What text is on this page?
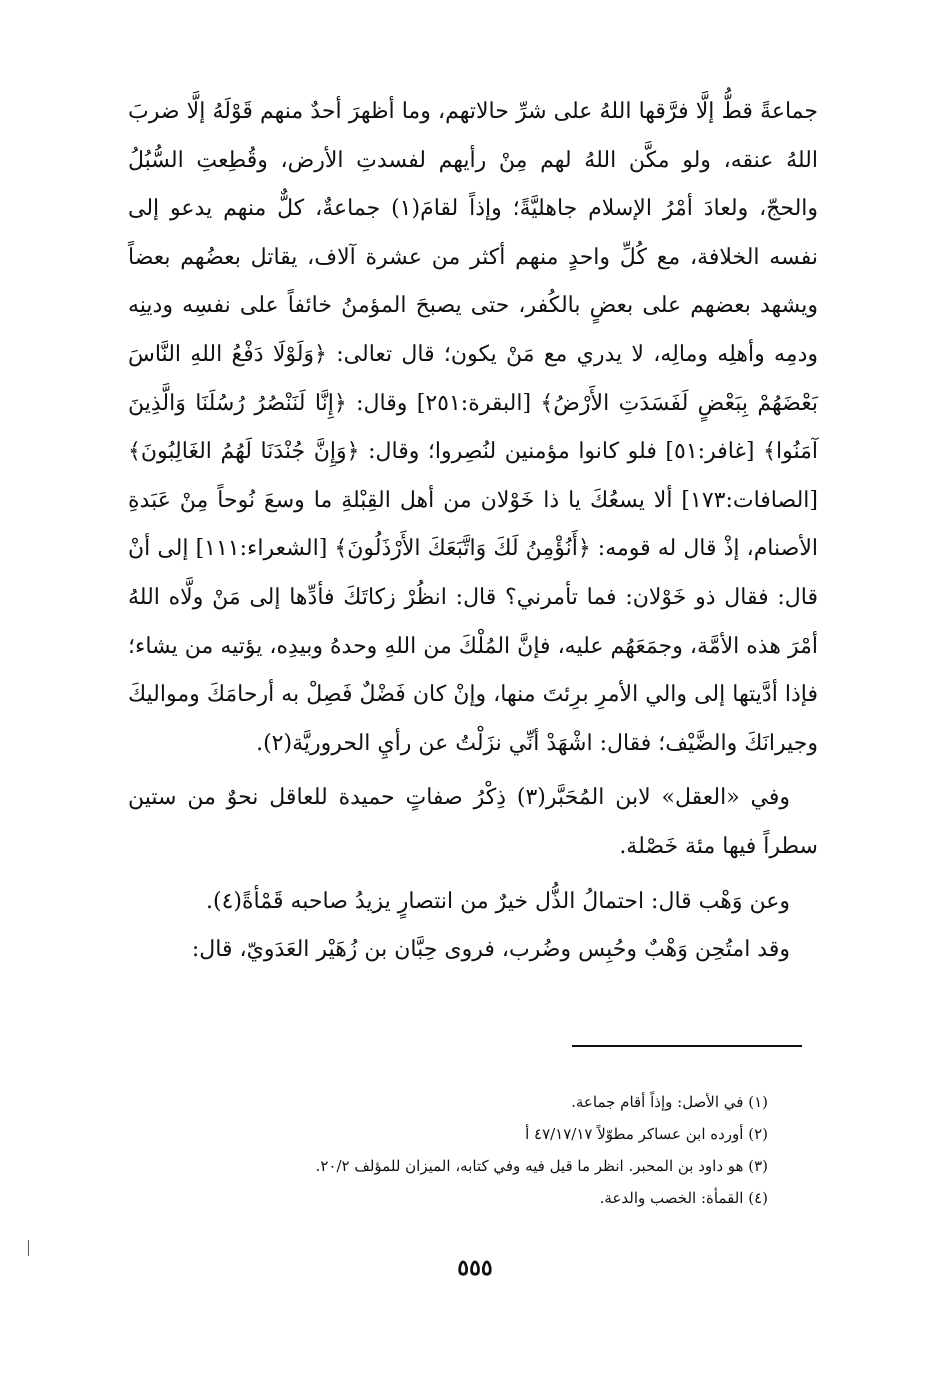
جماعةً قطُّ إلَّا فرَّقها اللهُ على شرِّ حالاتهم، وما أظهرَ أحدٌ منهم قَوْلَهُ إلَّا ضربَ اللهُ عنقه، ولو مكَّن اللهُ لهم مِنْ رأيهم لفسدتِ الأرض، وقُطِعتِ السُّبُلُ والحجّ، ولعادَ أمْرُ الإسلام جاهليَّةً؛ وإذاً لقامَ(١) جماعةٌ، كلٌّ منهم يدعو إلى نفسه الخلافة، مع كُلِّ واحدٍ منهم أكثر من عشرة آلاف، يقاتل بعضُهم بعضاً ويشهد بعضهم على بعضٍ بالكُفر، حتى يصبحَ المؤمنُ خائفاً على نفسِه ودينِه ودمِه وأهلِه ومالِه، لا يدري مع مَنْ يكون؛ قال تعالى: ﴿وَلَوْلَا دَفْعُ اللهِ النَّاسَ بَعْضَهُمْ بِبَعْضٍ لَفَسَدَتِ الأَرْضُ﴾ [البقرة:٢٥١] وقال: ﴿إِنَّا لَنَنْصُرُ رُسُلَنَا وَالَّذِينَ آمَنُوا﴾ [غافر:٥١] فلو كانوا مؤمنين لنُصِروا؛ وقال: ﴿وَإِنَّ جُنْدَنَا لَهُمُ الغَالِبُونَ﴾ [الصافات:١٧٣] ألا يسعُكَ يا ذا خَوْلان من أهل القِبْلةِ ما وسعَ نُوحاً مِنْ عَبَدةِ الأصنام، إذْ قال له قومه: ﴿أَنُؤْمِنُ لَكَ وَاتَّبَعَكَ الأَرْذَلُونَ﴾ [الشعراء:١١١] إلى أنْ قال: فقال ذو خَوْلان: فما تأمرني؟ قال: انظُرْ زكاتَكَ فأدِّها إلى مَنْ ولَّاه اللهُ أمْرَ هذه الأمَّة، وجمَعَهُم عليه، فإنَّ المُلْكَ من اللهِ وحدهُ وبيدِه، يؤتيه من يشاء؛ فإذا أدَّيتها إلى والي الأمرِ برِئتَ منها، وإنْ كان فَضْلٌ فَصِلْ به أرحامَكَ ومواليكَ وجيرانَكَ والضَّيْف؛ فقال: اشْهَدْ أنِّي نزَلْتُ عن رأيِ الحروريَّة(٢).

وفي «العقل» لابن المُحَبَّر(٣) ذِكْرُ صفاتٍ حميدة للعاقل نحوٌ من ستين سطراً فيها مئة خَصْلة.

وعن وَهْب قال: احتمالُ الذُّل خيرٌ من انتصارٍ يزيدُ صاحبه قَمْأةً(٤).

وقد امتُحِن وَهْبٌ وحُبِس وضُرب، فروى حِبَّان بن زُهَيْر العَدَويّ، قال:

(١) في الأصل: وإذاً أقام جماعة.
(٢) أورده ابن عساكر مطوّلاً ٤٧/١٧/١٧ أ
(٣) هو داود بن المحبر. انظر ما قيل فيه وفي كتابه، الميزان للمؤلف ٢٠/٢.
(٤) القمأة: الخصب والدعة.
٥٥٥
